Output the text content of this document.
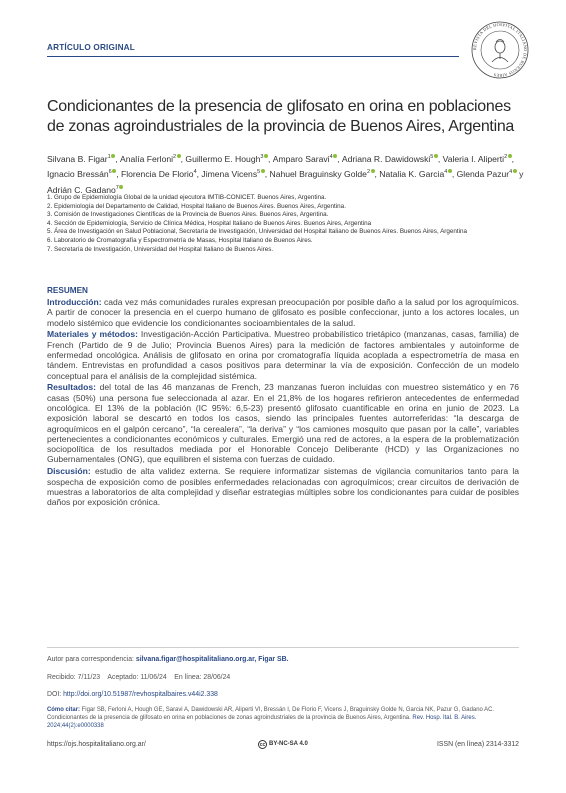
ARTÍCULO ORIGINAL	REVISTA DEL HOSPITAL ITALIANO DE BUENOS AIRES
Condicionantes de la presencia de glifosato en orina en poblaciones de zonas agroindustriales de la provincia de Buenos Aires, Argentina
Silvana B. Figar$^1$ , Analía Ferloni$^2$ , Guillermo E. Hough$^3$ , Amparo Saravi$^4$ , Adriana R. Dawidowski$^5$ , Valeria I. Aliperti$^2$ , Ignacio Bressán$^6$ , Florencia De Florio$^4$, Jimena Vicens$^5$ , Nahuel Braguinsky Golde$^2$ , Natalia K. Garcia$^4$ , Glenda Pazur$^4$ y Adrián C. Gadano$^7$
1. Grupo de Epidemiología Global de la unidad ejecutora IMTIB-CONICET. Buenos Aires, Argentina.
2. Epidemiología del Departamento de Calidad, Hospital Italiano de Buenos Aires. Buenos Aires, Argentina.
3. Comisión de Investigaciones Científicas de la Provincia de Buenos Aires. Buenos Aires, Argentina.
4. Sección de Epidemiología, Servicio de Clínica Médica, Hospital Italiano de Buenos Aires. Buenos Aires, Argentina
5. Área de Investigación en Salud Poblacional, Secretaría de Investigación, Universidad del Hospital Italiano de Buenos Aires. Buenos Aires, Argentina
6. Laboratorio de Cromatografía y Espectrometría de Masas, Hospital Italiano de Buenos Aires.
7. Secretaría de Investigación, Universidad del Hospital Italiano de Buenos Aires.
RESUMEN

Introducción: cada vez más comunidades rurales expresan preocupación por posible daño a la salud por los agroquímicos. A partir de conocer la presencia en el cuerpo humano de glifosato es posible confeccionar, junto a los actores locales, un modelo sistémico que evidencie los condicionantes socioambientales de la salud.

Materiales y métodos: Investigación-Acción Participativa. Muestreo probabilístico trietápico (manzanas, casas, familia) de French (Partido de 9 de Julio; Provincia Buenos Aires) para la medición de factores ambientales y autoinforme de enfermedad oncológica. Análisis de glifosato en orina por cromatografía líquida acoplada a espectrometría de masa en tándem. Entrevistas en profundidad a casos positivos para determinar la vía de exposición. Confección de un modelo conceptual para el análisis de la complejidad sistémica.

Resultados: del total de las 46 manzanas de French, 23 manzanas fueron incluidas con muestreo sistemático y en 76 casas (50%) una persona fue seleccionada al azar. En el 21,8% de los hogares refirieron antecedentes de enfermedad oncológica. El 13% de la población (IC 95%: 6,5-23) presentó glifosato cuantificable en orina en junio de 2023. La exposición laboral se descartó en todos los casos, siendo las principales fuentes autorreferidas: “la descarga de agroquímicos en el galpón cercano”, “la cerealera”, “la deriva” y “los camiones mosquito que pasan por la calle”, variables pertenecientes a condicionantes económicos y culturales. Emergió una red de actores, a la espera de la problematización sociopolítica de los resultados mediada por el Honorable Concejo Deliberante (HCD) y las Organizaciones no Gubernamentales (ONG), que equilibren el sistema con fuerzas de cuidado.

Discusión: estudio de alta validez externa. Se requiere informatizar sistemas de vigilancia comunitarios tanto para la sospecha de exposición como de posibles enfermedades relacionadas con agroquímicos; crear circuitos de derivación de muestras a laboratorios de alta complejidad y diseñar estrategias múltiples sobre los condicionantes para cuidar de posibles daños por exposición crónica.

Autor para correspondencia: silvana.figar@hospitalitaliano.org.ar, Figar SB.
Recibido: 7/11/23    Aceptado: 11/06/24    En línea: 28/06/24
DOI: http://doi.org/10.51987/revhospitalbaires.v44i2.338
Cómo citar: Figar SB, Ferloni A, Hough GE, Saravi A, Dawidowski AR, Aliperti VI, Bressán I, De Florio F, Vicens J, Braguinsky Golde N, Garcia NK, Pazur G, Gadano AC. Condicionantes de la presencia de glifosato en orina en poblaciones de zonas agroindustriales de la provincia de Buenos Aires, Argentina. Rev. Hosp. Ital. B. Aires. 2024;44(2):e0000338
https://ojs.hospitalitaliano.org.ar/	cc BY-NC-SA 4.0	ISSN (en línea) 2314-3312
